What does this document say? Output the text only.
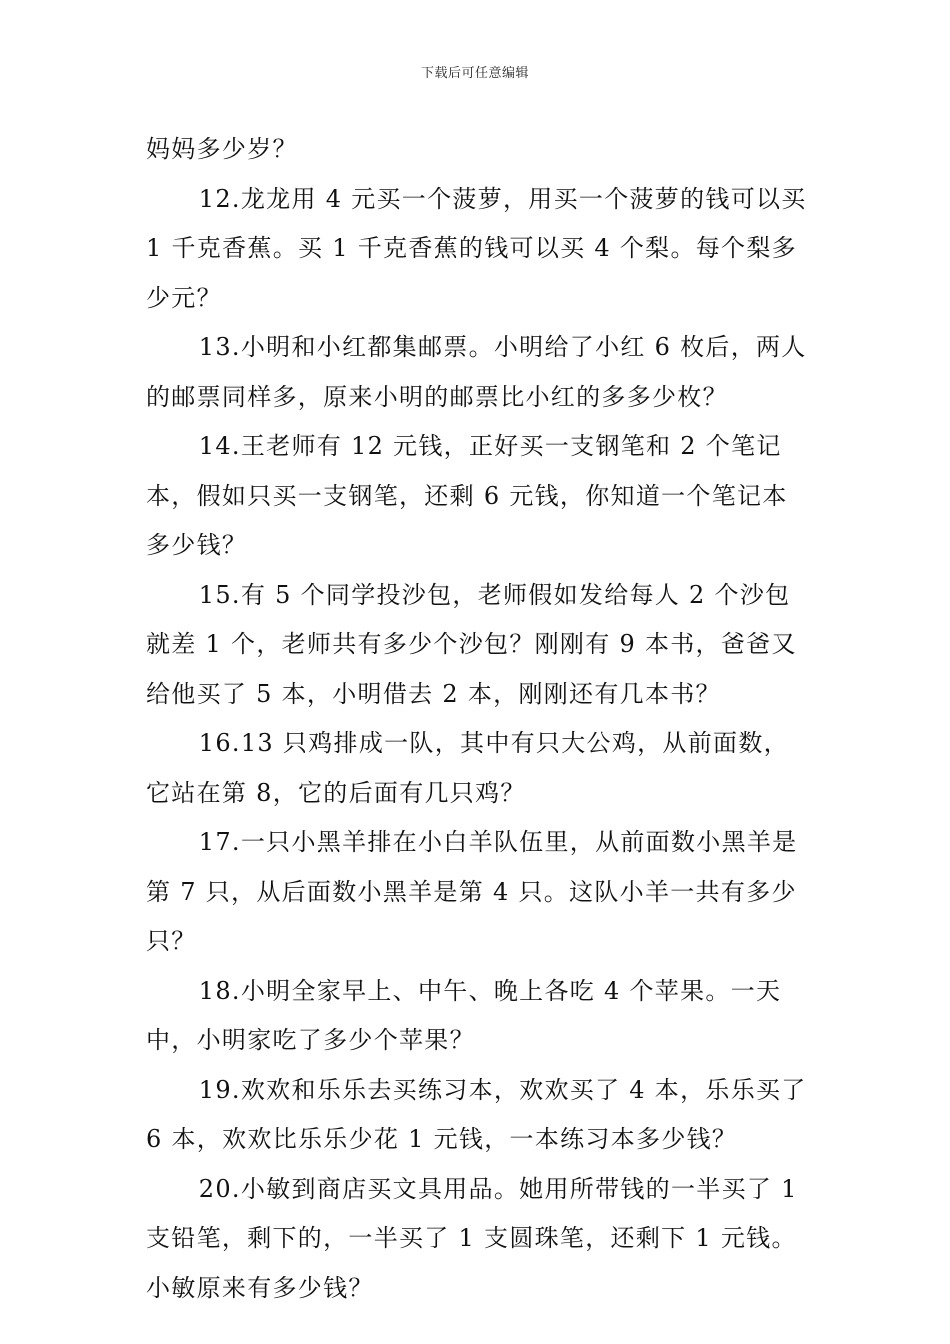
下载后可任意编辑

妈妈多少岁？

12.龙龙用 4 元买一个菠萝，用买一个菠萝的钱可以买 1 千克香蕉。买 1 千克香蕉的钱可以买 4 个梨。每个梨多少元？

13.小明和小红都集邮票。小明给了小红 6 枚后，两人的邮票同样多，原来小明的邮票比小红的多多少枚？

14.王老师有 12 元钱，正好买一支钢笔和 2 个笔记本，假如只买一支钢笔，还剩 6 元钱，你知道一个笔记本多少钱？

15.有 5 个同学投沙包，老师假如发给每人 2 个沙包就差 1 个，老师共有多少个沙包？刚刚有 9 本书，爸爸又给他买了 5 本，小明借去 2 本，刚刚还有几本书？

16.13 只鸡排成一队，其中有只大公鸡，从前面数，它站在第 8，它的后面有几只鸡？

17.一只小黑羊排在小白羊队伍里，从前面数小黑羊是第 7 只，从后面数小黑羊是第 4 只。这队小羊一共有多少只？

18.小明全家早上、中午、晚上各吃 4 个苹果。一天中，小明家吃了多少个苹果？

19.欢欢和乐乐去买练习本，欢欢买了 4 本，乐乐买了 6 本，欢欢比乐乐少花 1 元钱，一本练习本多少钱？

20.小敏到商店买文具用品。她用所带钱的一半买了 1 支铅笔，剩下的，一半买了 1 支圆珠笔，还剩下 1 元钱。小敏原来有多少钱？
